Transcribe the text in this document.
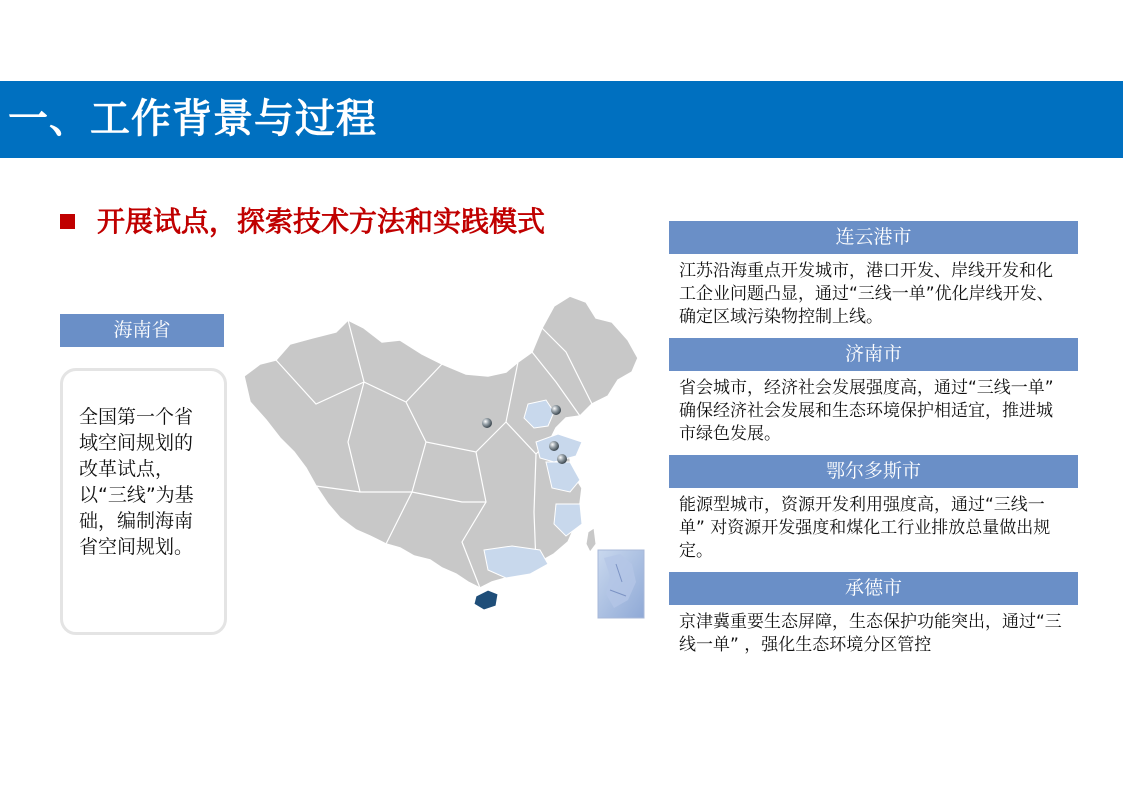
一、工作背景与过程
开展试点，探索技术方法和实践模式
海南省
全国第一个省域空间规划的改革试点，以“三线”为基础，编制海南省空间规划。
连云港市
江苏沿海重点开发城市，港口开发、岸线开发和化工企业问题凸显，通过“三线一单”优化岸线开发、确定区域污染物控制上线。
济南市
省会城市，经济社会发展强度高，通过“三线一单” 确保经济社会发展和生态环境保护相适宜，推进城市绿色发展。
鄂尔多斯市
能源型城市，资源开发利用强度高，通过“三线一单” 对资源开发强度和煤化工行业排放总量做出规定。
承德市
京津冀重要生态屏障，生态保护功能突出，通过“三线一单” ，强化生态环境分区管控
